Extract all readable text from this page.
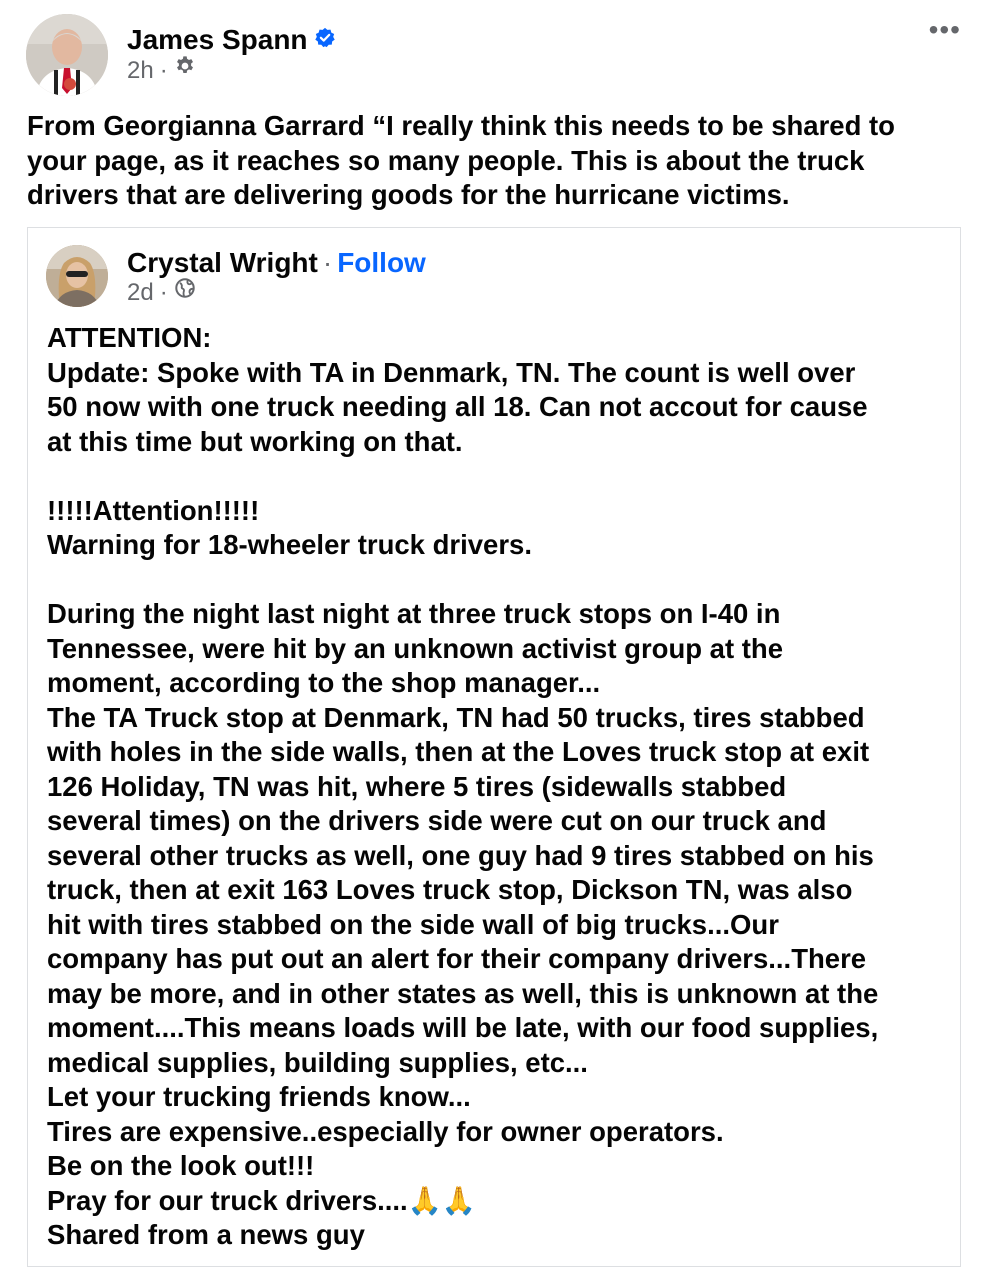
James Spann
2h ·
•••

From Georgianna Garrard “I really think this needs to be shared to your page, as it reaches so many people. This is about the truck drivers that are delivering goods for the hurricane victims.

Crystal Wright · Follow
2d ·
ATTENTION:
Update: Spoke with TA in Denmark, TN. The count is well over
50 now with one truck needing all 18. Can not accout for cause
at this time but working on that.
!!!!!Attention!!!!!
Warning for 18-wheeler truck drivers.
During the night last night at three truck stops on I-40 in
Tennessee, were hit by an unknown activist group at the
moment, according to the shop manager...
The TA Truck stop at Denmark, TN had 50 trucks, tires stabbed
with holes in the side walls, then at the Loves truck stop at exit
126 Holiday, TN was hit, where 5 tires (sidewalls stabbed
several times) on the drivers side were cut on our truck and
several other trucks as well, one guy had 9 tires stabbed on his
truck, then at exit 163 Loves truck stop, Dickson TN, was also
hit with tires stabbed on the side wall of big trucks...Our
company has put out an alert for their company drivers...There
may be more, and in other states as well, this is unknown at the
moment....This means loads will be late, with our food supplies,
medical supplies, building supplies, etc...
Let your trucking friends know...
Tires are expensive..especially for owner operators.
Be on the look out!!!
Pray for our truck drivers....🙏🙏
Shared from a news guy
